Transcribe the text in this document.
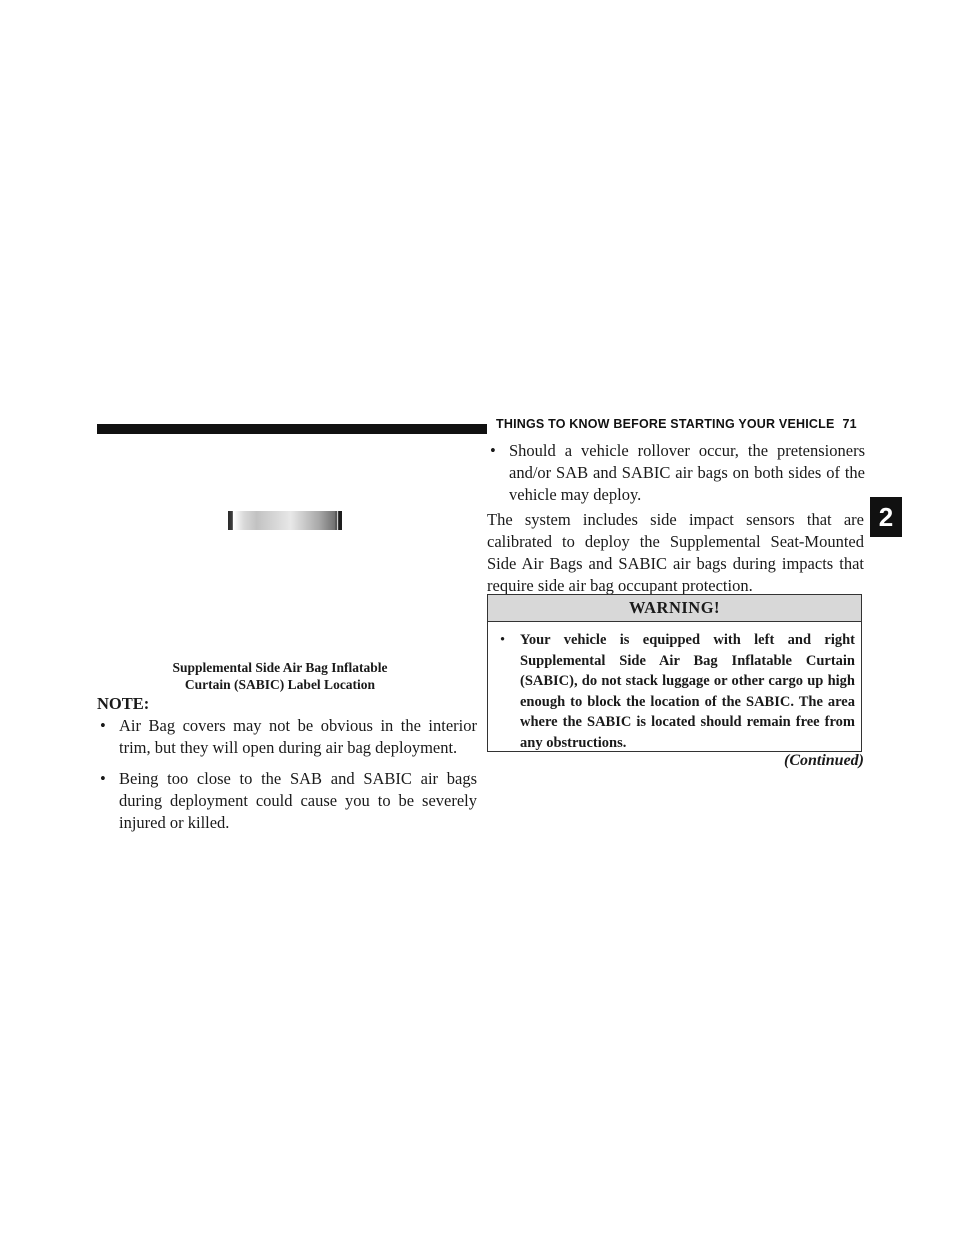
THINGS TO KNOW BEFORE STARTING YOUR VEHICLE 71
2
Supplemental Side Air Bag Inflatable
Curtain (SABIC) Label Location
NOTE:
• Air Bag covers may not be obvious in the interior trim, but they will open during air bag deployment.
• Being too close to the SAB and SABIC air bags during deployment could cause you to be severely injured or killed.
• Should a vehicle rollover occur, the pretensioners and/or SAB and SABIC air bags on both sides of the vehicle may deploy.

The system includes side impact sensors that are calibrated to deploy the Supplemental Seat-Mounted Side Air Bags and SABIC air bags during impacts that require side air bag occupant protection.

WARNING!
• Your vehicle is equipped with left and right Supplemental Side Air Bag Inflatable Curtain (SABIC), do not stack luggage or other cargo up high enough to block the location of the SABIC. The area where the SABIC is located should remain free from any obstructions.
(Continued)
